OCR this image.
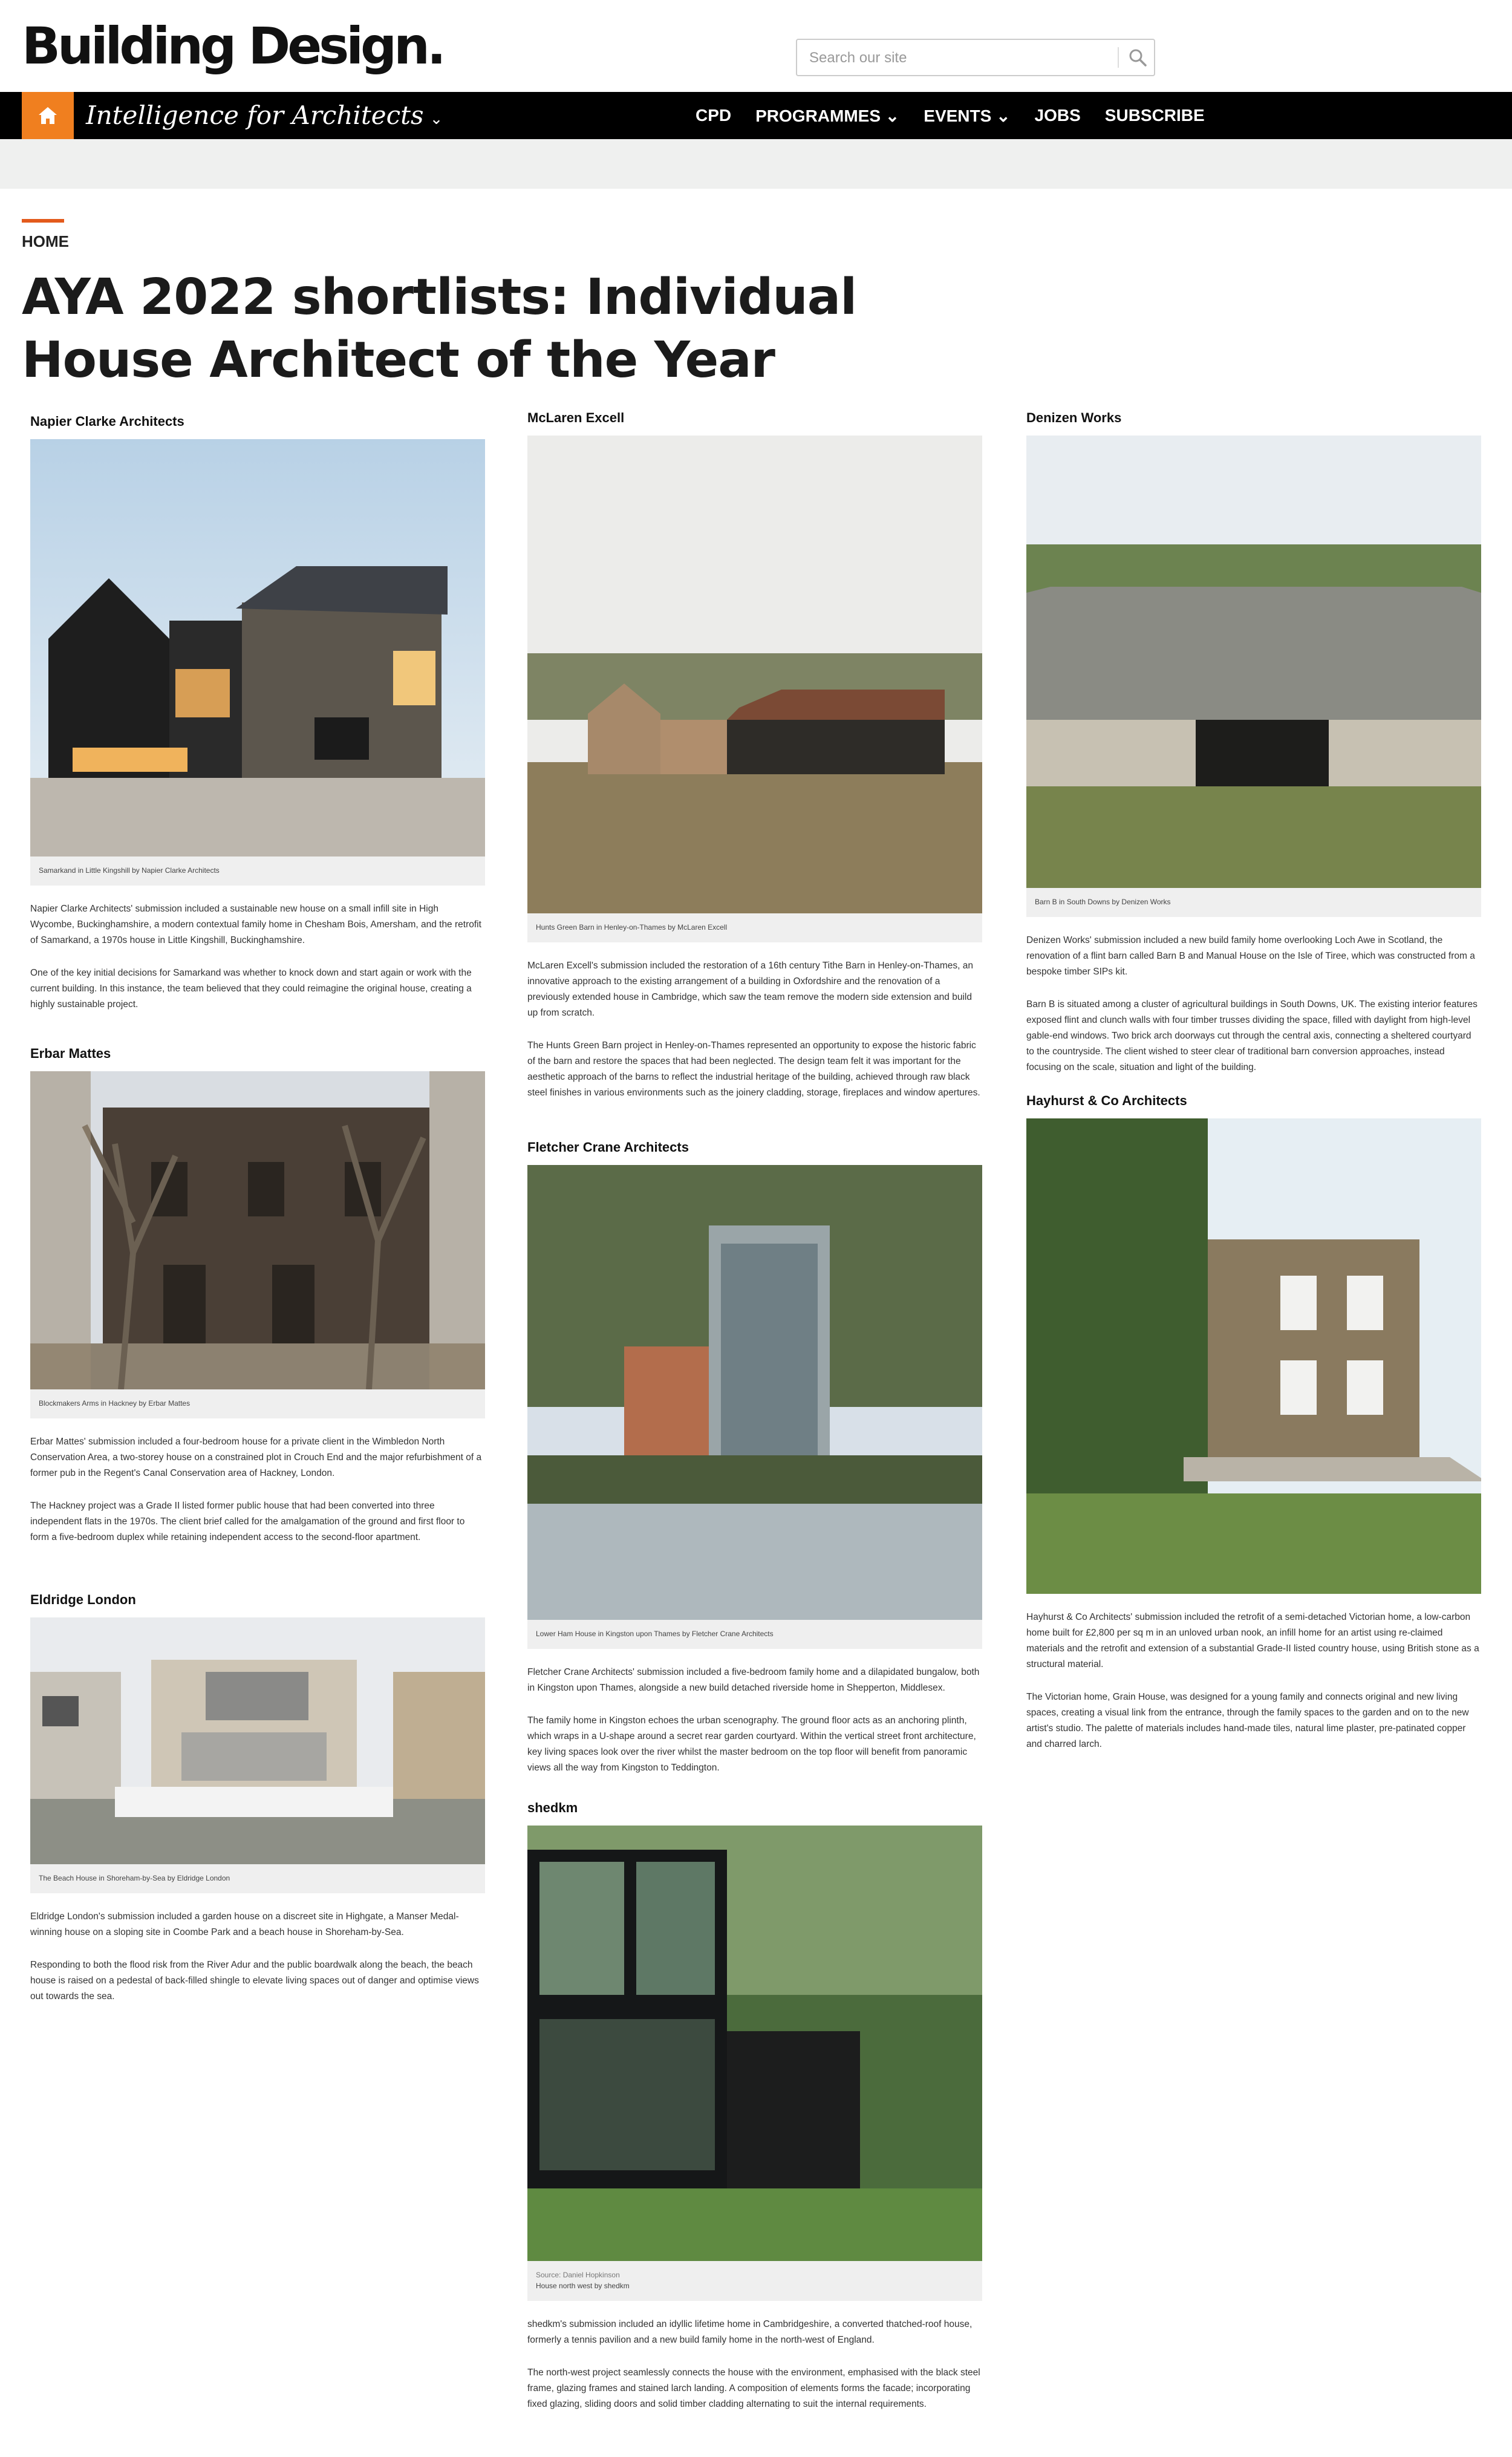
Building Design.
Search our site
Intelligence for Architects ⌄	CPD PROGRAMMES ⌄ EVENTS ⌄ JOBS SUBSCRIBE
HOME
AYA 2022 shortlists: Individual House Architect of the Year
Napier Clarke Architects
Samarkand in Little Kingshill by Napier Clarke Architects

Napier Clarke Architects' submission included a sustainable new house on a small infill site in High Wycombe, Buckinghamshire, a modern contextual family home in Chesham Bois, Amersham, and the retrofit of Samarkand, a 1970s house in Little Kingshill, Buckinghamshire.

One of the key initial decisions for Samarkand was whether to knock down and start again or work with the current building. In this instance, the team believed that they could reimagine the original house, creating a highly sustainable project.

Erbar Mattes
Blockmakers Arms in Hackney by Erbar Mattes

Erbar Mattes' submission included a four-bedroom house for a private client in the Wimbledon North Conservation Area, a two-storey house on a constrained plot in Crouch End and the major refurbishment of a former pub in the Regent's Canal Conservation area of Hackney, London.

The Hackney project was a Grade II listed former public house that had been converted into three independent flats in the 1970s. The client brief called for the amalgamation of the ground and first floor to form a five-bedroom duplex while retaining independent access to the second-floor apartment.

Eldridge London
The Beach House in Shoreham-by-Sea by Eldridge London

Eldridge London's submission included a garden house on a discreet site in Highgate, a Manser Medal-winning house on a sloping site in Coombe Park and a beach house in Shoreham-by-Sea.

Responding to both the flood risk from the River Adur and the public boardwalk along the beach, the beach house is raised on a pedestal of back-filled shingle to elevate living spaces out of danger and optimise views out towards the sea.

McLaren Excell
Hunts Green Barn in Henley-on-Thames by McLaren Excell

McLaren Excell's submission included the restoration of a 16th century Tithe Barn in Henley-on-Thames, an innovative approach to the existing arrangement of a building in Oxfordshire and the renovation of a previously extended house in Cambridge, which saw the team remove the modern side extension and build up from scratch.

The Hunts Green Barn project in Henley-on-Thames represented an opportunity to expose the historic fabric of the barn and restore the spaces that had been neglected. The design team felt it was important for the aesthetic approach of the barns to reflect the industrial heritage of the building, achieved through raw black steel finishes in various environments such as the joinery cladding, storage, fireplaces and window apertures.

Fletcher Crane Architects
Lower Ham House in Kingston upon Thames by Fletcher Crane Architects

Fletcher Crane Architects' submission included a five-bedroom family home and a dilapidated bungalow, both in Kingston upon Thames, alongside a new build detached riverside home in Shepperton, Middlesex.

The family home in Kingston echoes the urban scenography. The ground floor acts as an anchoring plinth, which wraps in a U-shape around a secret rear garden courtyard. Within the vertical street front architecture, key living spaces look over the river whilst the master bedroom on the top floor will benefit from panoramic views all the way from Kingston to Teddington.

shedkm
Source: Daniel Hopkinson
House north west by shedkm

shedkm's submission included an idyllic lifetime home in Cambridgeshire, a converted thatched-roof house, formerly a tennis pavilion and a new build family home in the north-west of England.

The north-west project seamlessly connects the house with the environment, emphasised with the black steel frame, glazing frames and stained larch landing. A composition of elements forms the facade; incorporating fixed glazing, sliding doors and solid timber cladding alternating to suit the internal requirements.

Denizen Works
Barn B in South Downs by Denizen Works

Denizen Works' submission included a new build family home overlooking Loch Awe in Scotland, the renovation of a flint barn called Barn B and Manual House on the Isle of Tiree, which was constructed from a bespoke timber SIPs kit.

Barn B is situated among a cluster of agricultural buildings in South Downs, UK. The existing interior features exposed flint and clunch walls with four timber trusses dividing the space, filled with daylight from high-level gable-end windows. Two brick arch doorways cut through the central axis, connecting a sheltered courtyard to the countryside. The client wished to steer clear of traditional barn conversion approaches, instead focusing on the scale, situation and light of the building.

Hayhurst & Co Architects

Hayhurst & Co Architects' submission included the retrofit of a semi-detached Victorian home, a low-carbon home built for £2,800 per sq m in an unloved urban nook, an infill home for an artist using re-claimed materials and the retrofit and extension of a substantial Grade-II listed country house, using British stone as a structural material.

The Victorian home, Grain House, was designed for a young family and connects original and new living spaces, creating a visual link from the entrance, through the family spaces to the garden and on to the new artist's studio. The palette of materials includes hand-made tiles, natural lime plaster, pre-patinated copper and charred larch.
